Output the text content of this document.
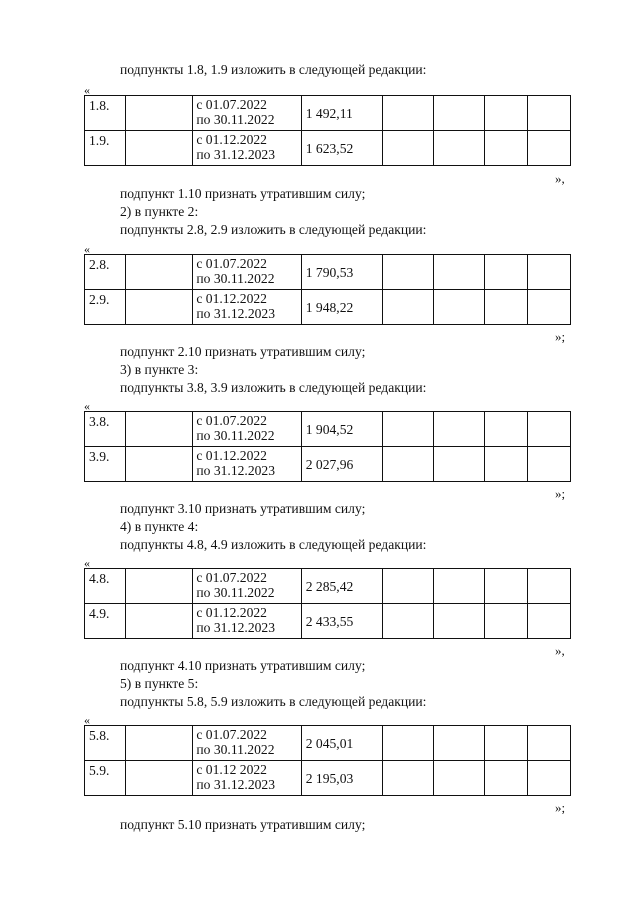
подпункты 1.8, 1.9 изложить в следующей редакции:
«
1.8.		с 01.07.2022
по 30.11.2022	1 492,11				
1.9.		с 01.12.2022
по 31.12.2023	1 623,52				
»,
подпункт 1.10 признать утратившим силу;
2) в пункте 2:
подпункты 2.8, 2.9 изложить в следующей редакции:
«
2.8.		с 01.07.2022
по 30.11.2022	1 790,53				
2.9.		с 01.12.2022
по 31.12.2023	1 948,22				
»;
подпункт 2.10 признать утратившим силу;
3) в пункте 3:
подпункты 3.8, 3.9 изложить в следующей редакции:
«
3.8.		с 01.07.2022
по 30.11.2022	1 904,52				
3.9.		с 01.12.2022
по 31.12.2023	2 027,96				
»;
подпункт 3.10 признать утратившим силу;
4) в пункте 4:
подпункты 4.8, 4.9 изложить в следующей редакции:
«
4.8.		с 01.07.2022
по 30.11.2022	2 285,42				
4.9.		с 01.12.2022
по 31.12.2023	2 433,55				
»,
подпункт 4.10 признать утратившим силу;
5) в пункте 5:
подпункты 5.8, 5.9 изложить в следующей редакции:
«
5.8.		с 01.07.2022
по 30.11.2022	2 045,01				
5.9.		с 01.12 2022
по 31.12.2023	2 195,03				
»;
подпункт 5.10 признать утратившим силу;
